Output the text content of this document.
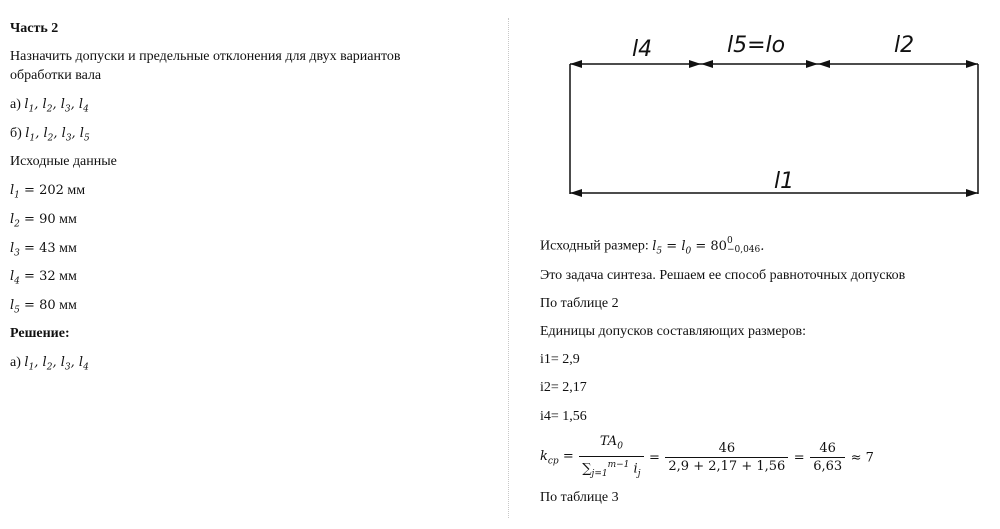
Часть 2
Назначить допуски и предельные отклонения для двух вариантов
обработки вала
а) $l_1$, $l_2$, $l_3$, $l_4$
б) $l_1$, $l_2$, $l_3$, $l_5$
Исходные данные
$l_1 = 202$ мм
$l_2 = 90$ мм
$l_3 = 43$ мм
$l_4 = 32$ мм
$l_5 = 80$ мм
Решение:
а) $l_1$, $l_2$, $l_3$, $l_4$
l4	l5=lo	l2
l1
Исходный размер: $l_5 = l_0 = 80$ 0
−0,046 .
Это задача синтеза. Решаем ее способ равноточных допусков
По таблице 2
Единицы допусков составляющих размеров:
i1= 2,9
i2= 2,17
i4= 1,56
$k_{cp} = \frac{TA_0}{\sum_{j=1}^{m-1} i_j} = \frac{46}{2,9 + 2,17 + 1,56} = \frac{46}{6,63} \approx 7$
По таблице 3
